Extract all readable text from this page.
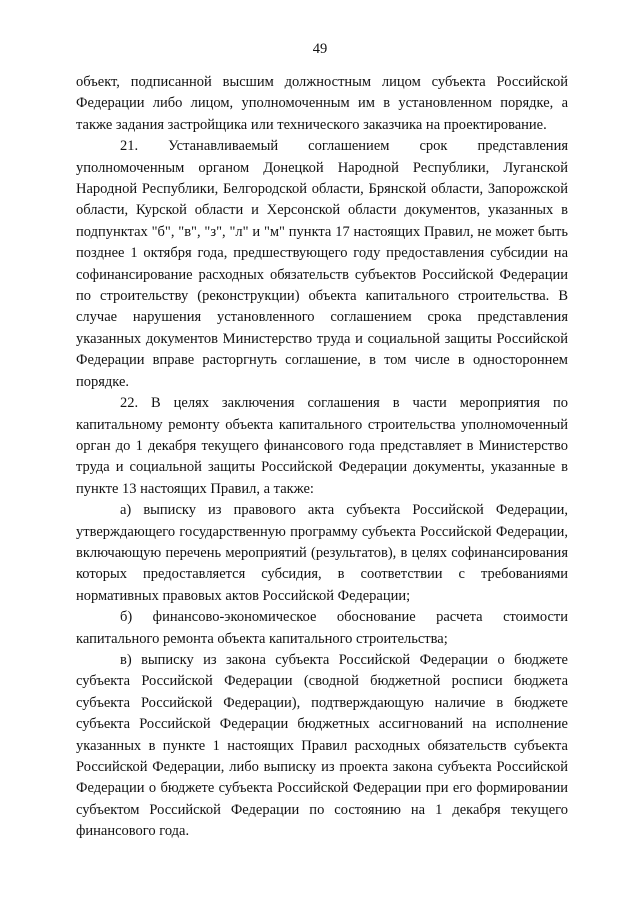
49

объект, подписанной высшим должностным лицом субъекта Российской Федерации либо лицом, уполномоченным им в установленном порядке, а также задания застройщика или технического заказчика на проектирование.

21. Устанавливаемый соглашением срок представления уполномоченным органом Донецкой Народной Республики, Луганской Народной Республики, Белгородской области, Брянской области, Запорожской области, Курской области и Херсонской области документов, указанных в подпунктах "б", "в", "з", "л" и "м" пункта 17 настоящих Правил, не может быть позднее 1 октября года, предшествующего году предоставления субсидии на софинансирование расходных обязательств субъектов Российской Федерации по строительству (реконструкции) объекта капитального строительства. В случае нарушения установленного соглашением срока представления указанных документов Министерство труда и социальной защиты Российской Федерации вправе расторгнуть соглашение, в том числе в одностороннем порядке.

22. В целях заключения соглашения в части мероприятия по капитальному ремонту объекта капитального строительства уполномоченный орган до 1 декабря текущего финансового года представляет в Министерство труда и социальной защиты Российской Федерации документы, указанные в пункте 13 настоящих Правил, а также:

а) выписку из правового акта субъекта Российской Федерации, утверждающего государственную программу субъекта Российской Федерации, включающую перечень мероприятий (результатов), в целях софинансирования которых предоставляется субсидия, в соответствии с требованиями нормативных правовых актов Российской Федерации;

б) финансово-экономическое обоснование расчета стоимости капитального ремонта объекта капитального строительства;

в) выписку из закона субъекта Российской Федерации о бюджете субъекта Российской Федерации (сводной бюджетной росписи бюджета субъекта Российской Федерации), подтверждающую наличие в бюджете субъекта Российской Федерации бюджетных ассигнований на исполнение указанных в пункте 1 настоящих Правил расходных обязательств субъекта Российской Федерации, либо выписку из проекта закона субъекта Российской Федерации о бюджете субъекта Российской Федерации при его формировании субъектом Российской Федерации по состоянию на 1 декабря текущего финансового года.
